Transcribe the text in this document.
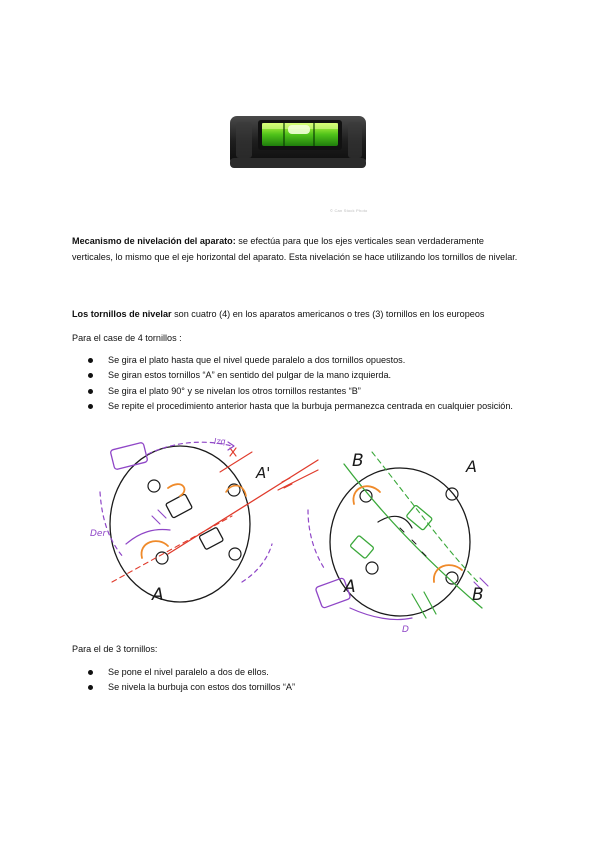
© Can Stock Photo
Mecanismo de nivelación del aparato: se efectúa para que los ejes verticales sean verdaderamente verticales, lo mismo que el eje horizontal del aparato. Esta nivelación se hace utilizando los tornillos de nivelar.
Los tornillos de nivelar son cuatro (4) en los aparatos americanos o tres (3) tornillos en los europeos
Para el case de 4 tornillos :
Se gira el plato hasta que el nivel quede paralelo a dos tornillos opuestos.
Se giran estos tornillos “A” en sentido del pulgar de la mano izquierda.
Se gira el plato 90° y se nivelan los otros tornillos restantes “B”
Se repite el procedimiento anterior hasta que la burbuja permanezca centrada en cualquier posición.
Izq
Der
A
A'
B	A
A	B
D
Para el de 3 tornillos:
Se pone el nivel paralelo a dos de ellos.
Se nivela la burbuja con estos dos tornillos “A”
